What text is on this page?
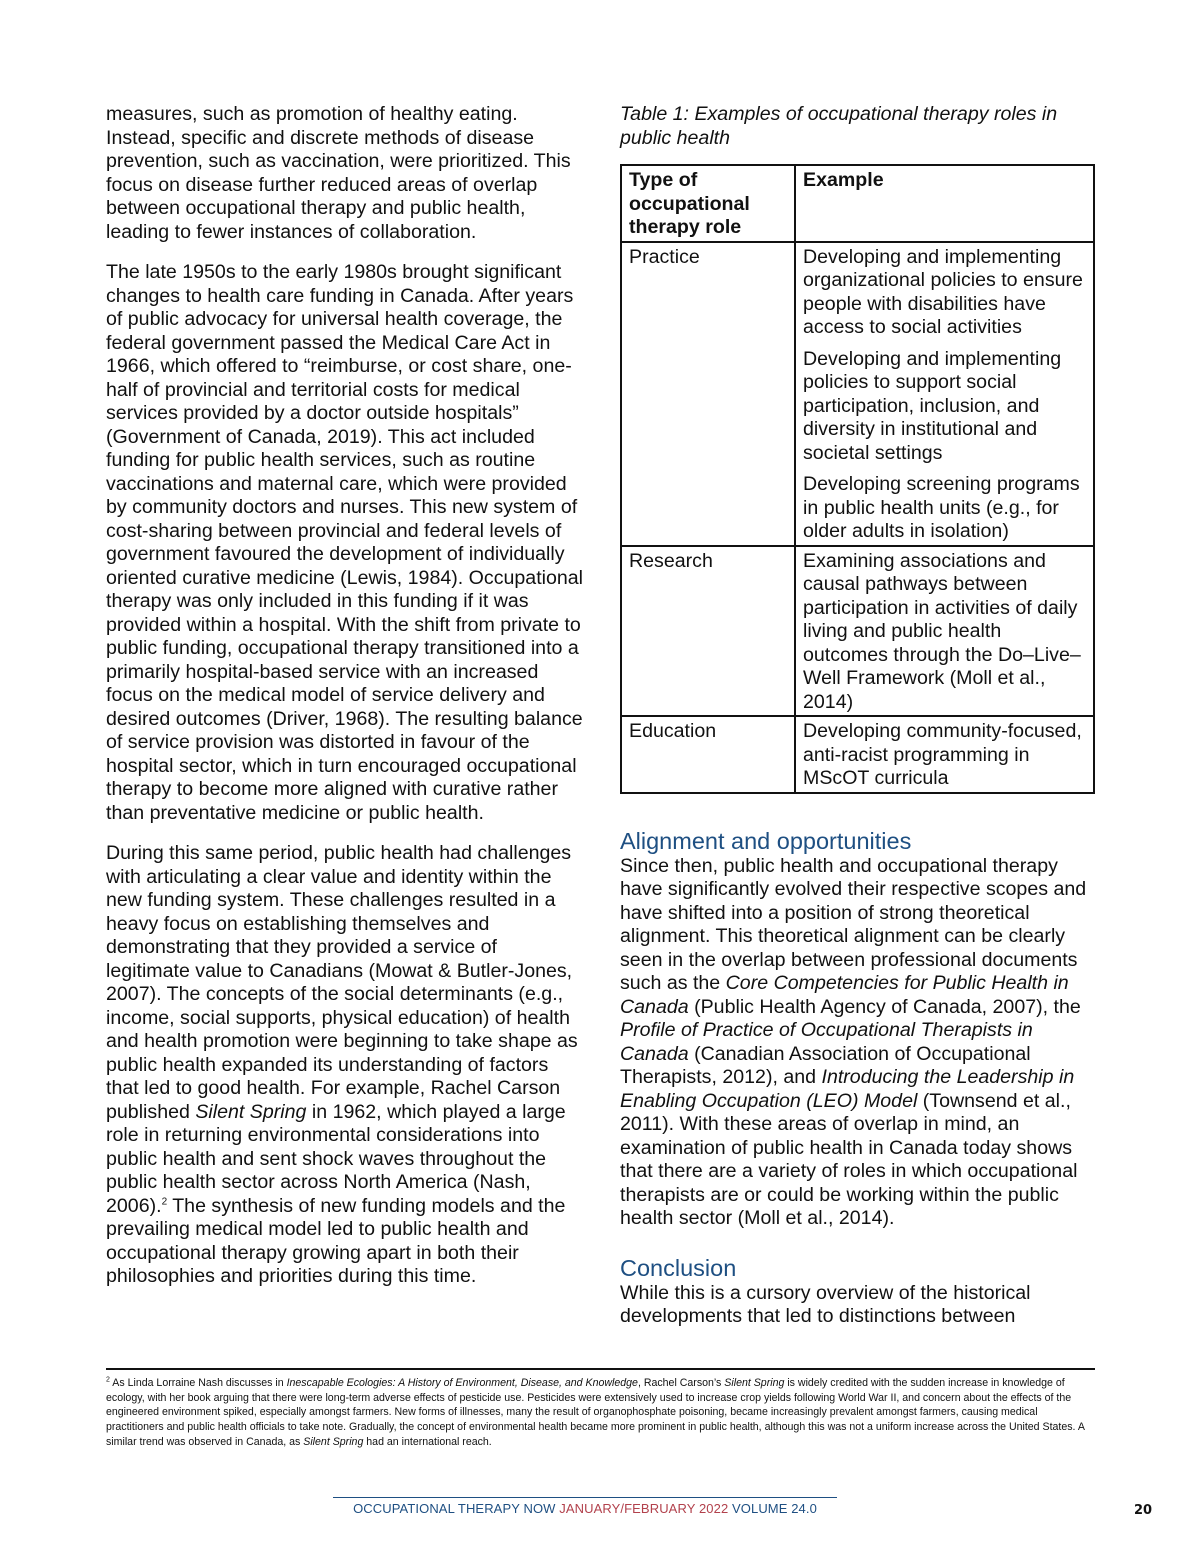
measures, such as promotion of healthy eating. Instead, specific and discrete methods of disease prevention, such as vaccination, were prioritized. This focus on disease further reduced areas of overlap between occupational therapy and public health, leading to fewer instances of collaboration.

The late 1950s to the early 1980s brought significant changes to health care funding in Canada. After years of public advocacy for universal health coverage, the federal government passed the Medical Care Act in 1966, which offered to “reimburse, or cost share, one-half of provincial and territorial costs for medical services provided by a doctor outside hospitals” (Government of Canada, 2019). This act included funding for public health services, such as routine vaccinations and maternal care, which were provided by community doctors and nurses. This new system of cost-sharing between provincial and federal levels of government favoured the development of individually oriented curative medicine (Lewis, 1984). Occupational therapy was only included in this funding if it was provided within a hospital. With the shift from private to public funding, occupational therapy transitioned into a primarily hospital-based service with an increased focus on the medical model of service delivery and desired outcomes (Driver, 1968). The resulting balance of service provision was distorted in favour of the hospital sector, which in turn encouraged occupational therapy to become more aligned with curative rather than preventative medicine or public health.

During this same period, public health had challenges with articulating a clear value and identity within the new funding system. These challenges resulted in a heavy focus on establishing themselves and demonstrating that they provided a service of legitimate value to Canadians (Mowat & Butler-Jones, 2007). The concepts of the social determinants (e.g., income, social supports, physical education) of health and health promotion were beginning to take shape as public health expanded its understanding of factors that led to good health. For example, Rachel Carson published Silent Spring in 1962, which played a large role in returning environmental considerations into public health and sent shock waves throughout the public health sector across North America (Nash, 2006).$^2$ The synthesis of new funding models and the prevailing medical model led to public health and occupational therapy growing apart in both their philosophies and priorities during this time.

Table 1: Examples of occupational therapy roles in public health

Type of occupational therapy role	Example
Practice	Developing and implementing organizational policies to ensure people with disabilities have access to social activities
Developing and implementing policies to support social participation, inclusion, and diversity in institutional and societal settings
Developing screening programs in public health units (e.g., for older adults in isolation)

Research	Examining associations and causal pathways between participation in activities of daily living and public health outcomes through the Do–Live–Well Framework (Moll et al., 2014)

Education	Developing community-focused, anti-racist programming in MScOT curricula
Alignment and opportunities

Since then, public health and occupational therapy have significantly evolved their respective scopes and have shifted into a position of strong theoretical alignment. This theoretical alignment can be clearly seen in the overlap between professional documents such as the Core Competencies for Public Health in Canada (Public Health Agency of Canada, 2007), the Profile of Practice of Occupational Therapists in Canada (Canadian Association of Occupational Therapists, 2012), and Introducing the Leadership in Enabling Occupation (LEO) Model (Townsend et al., 2011). With these areas of overlap in mind, an examination of public health in Canada today shows that there are a variety of roles in which occupational therapists are or could be working within the public health sector (Moll et al., 2014).

Conclusion

While this is a cursory overview of the historical developments that led to distinctions between

$^2$ As Linda Lorraine Nash discusses in Inescapable Ecologies: A History of Environment, Disease, and Knowledge, Rachel Carson’s Silent Spring is widely credited with the sudden increase in knowledge of ecology, with her book arguing that there were long-term adverse effects of pesticide use. Pesticides were extensively used to increase crop yields following World War II, and concern about the effects of the engineered environment spiked, especially amongst farmers. New forms of illnesses, many the result of organophosphate poisoning, became increasingly prevalent amongst farmers, causing medical practitioners and public health officials to take note. Gradually, the concept of environmental health became more prominent in public health, although this was not a uniform increase across the United States. A similar trend was observed in Canada, as Silent Spring had an international reach.

OCCUPATIONAL THERAPY NOW JANUARY/FEBRUARY 2022 VOLUME 24.0	20
